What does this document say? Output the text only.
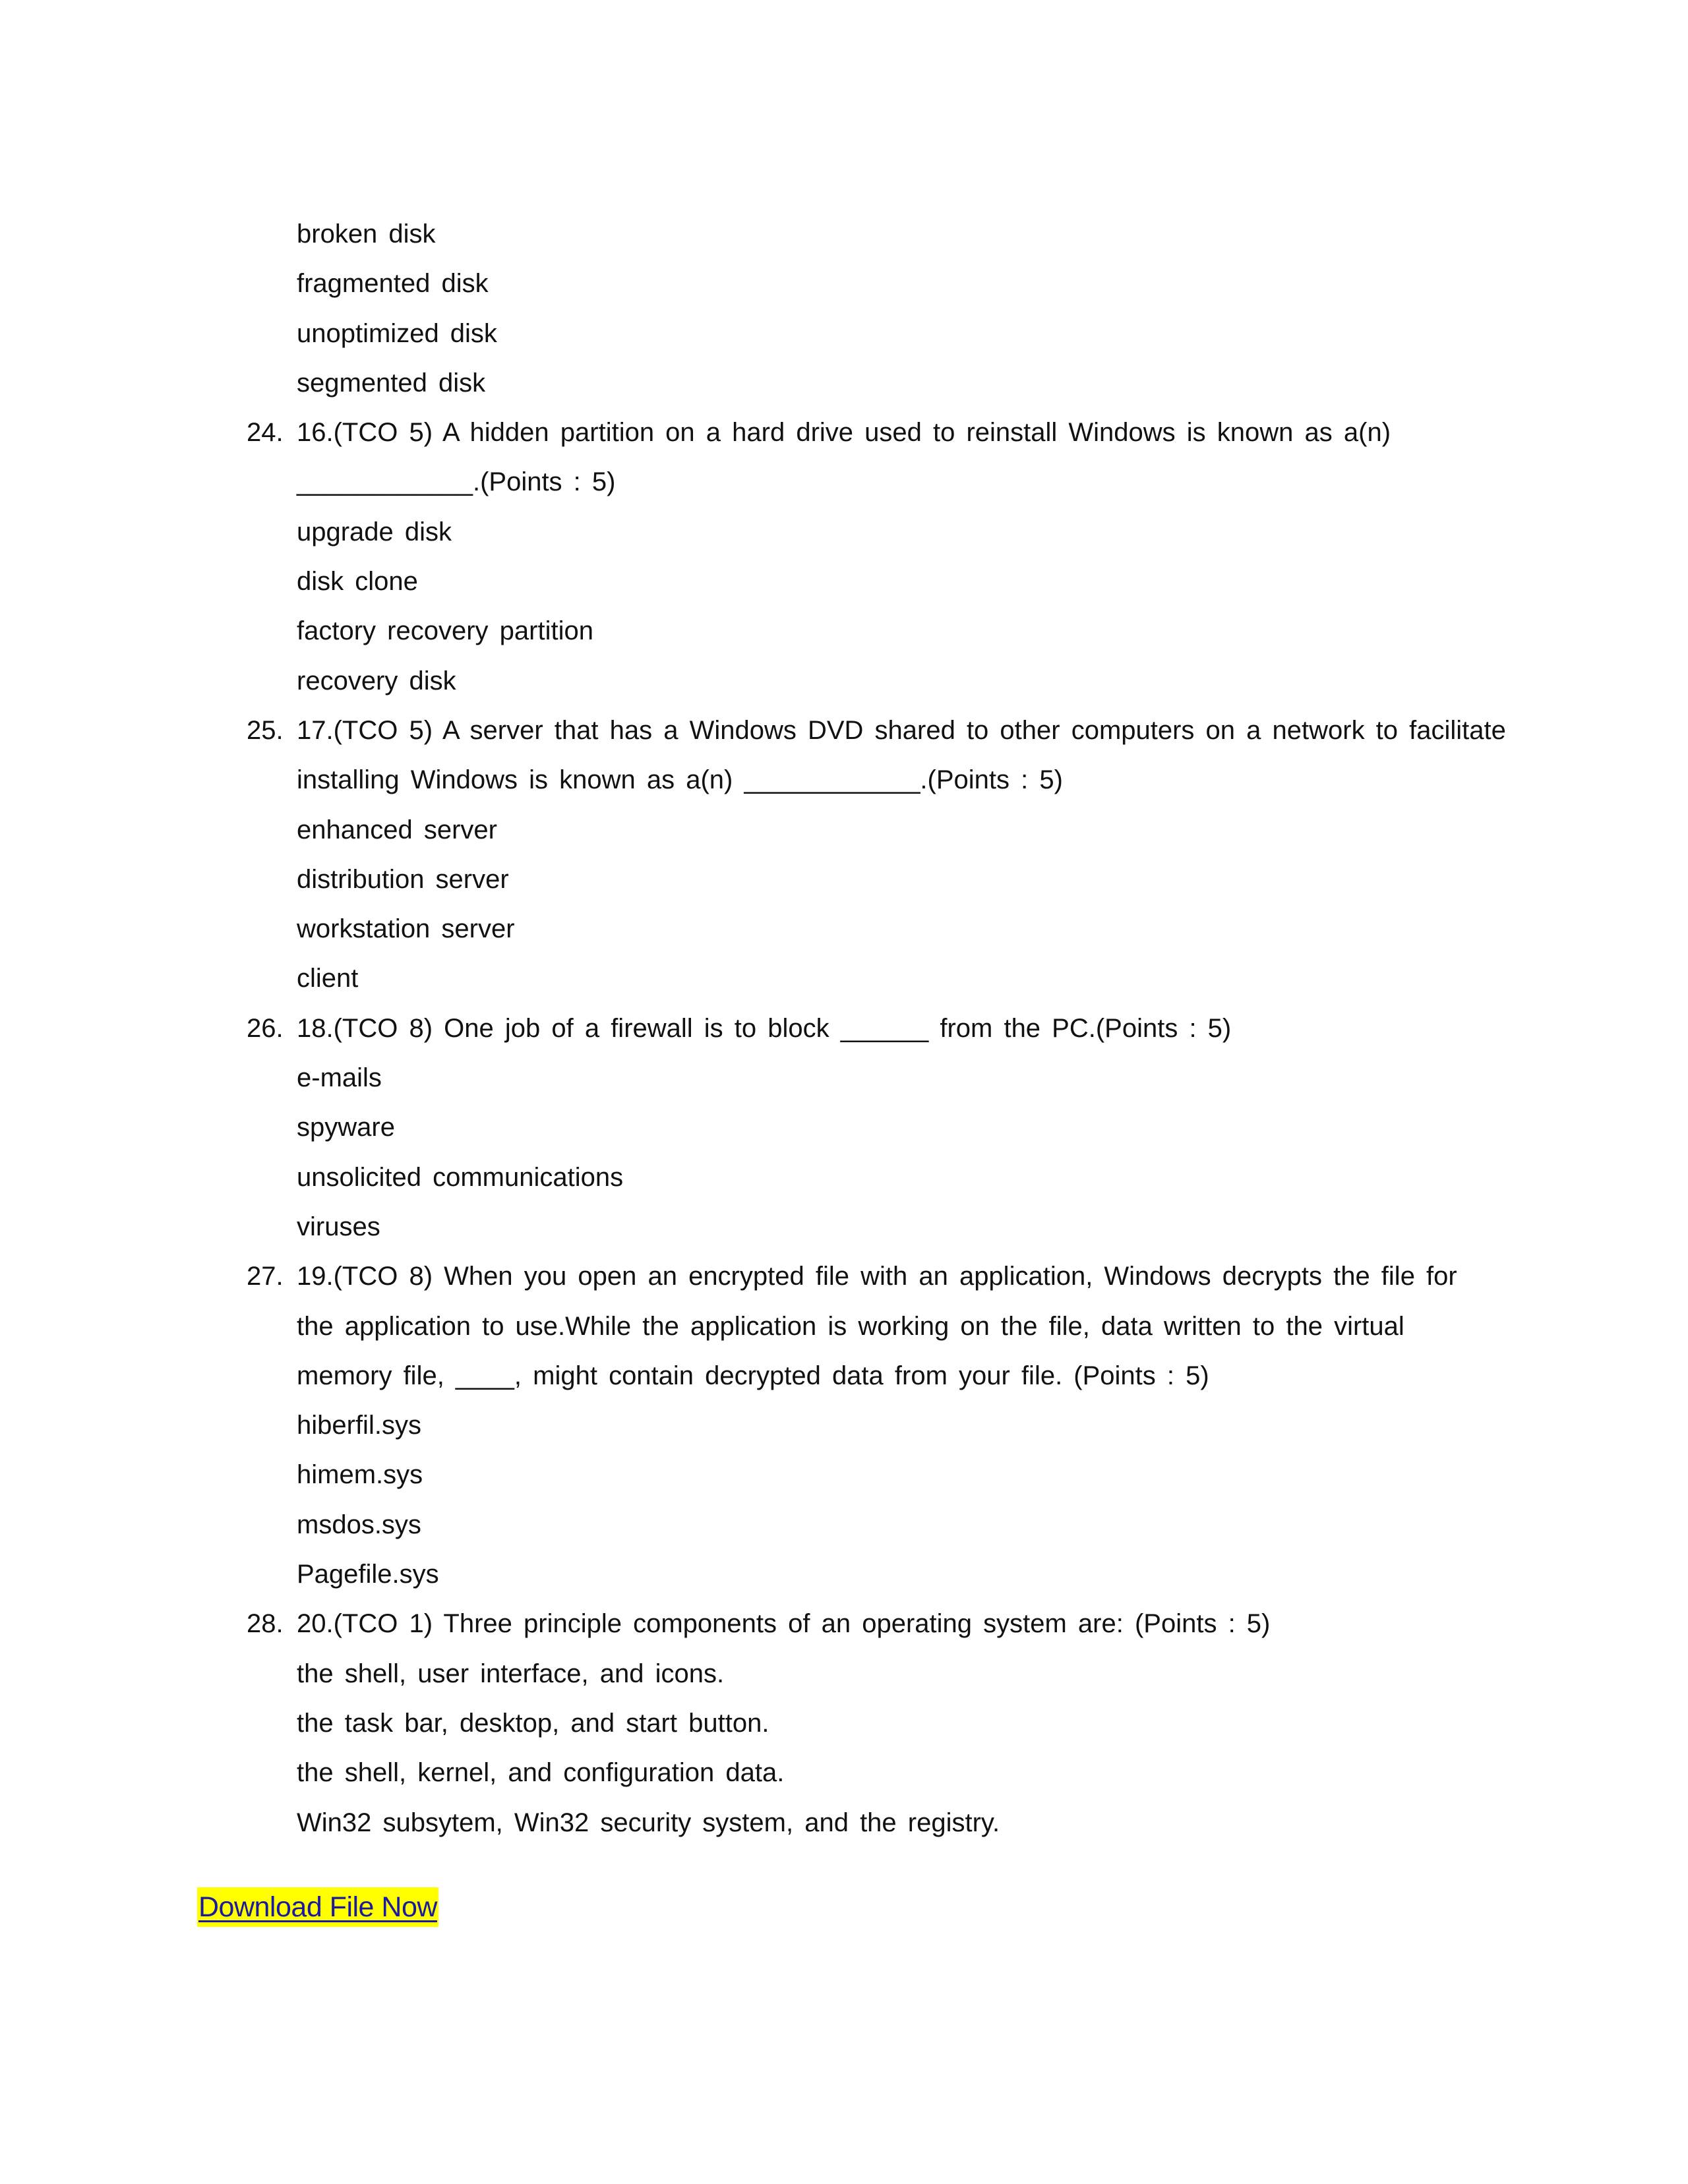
broken disk
fragmented disk
unoptimized disk
segmented disk
24. 16.(TCO 5) A hidden partition on a hard drive used to reinstall Windows is known as a(n)
____________.(Points : 5)
upgrade disk
disk clone
factory recovery partition
recovery disk
25. 17.(TCO 5) A server that has a Windows DVD shared to other computers on a network to facilitate
installing Windows is known as a(n) ____________.(Points : 5)
enhanced server
distribution server
workstation server
client
26. 18.(TCO 8) One job of a firewall is to block ______ from the PC.(Points : 5)
e-mails
spyware
unsolicited communications
viruses
27. 19.(TCO 8) When you open an encrypted file with an application, Windows decrypts the file for
the application to use.While the application is working on the file, data written to the virtual
memory file, ____, might contain decrypted data from your file. (Points : 5)
hiberfil.sys
himem.sys
msdos.sys
Pagefile.sys
28. 20.(TCO 1) Three principle components of an operating system are: (Points : 5)
the shell, user interface, and icons.
the task bar, desktop, and start button.
the shell, kernel, and configuration data.
Win32 subsytem, Win32 security system, and the registry.
Download File Now
